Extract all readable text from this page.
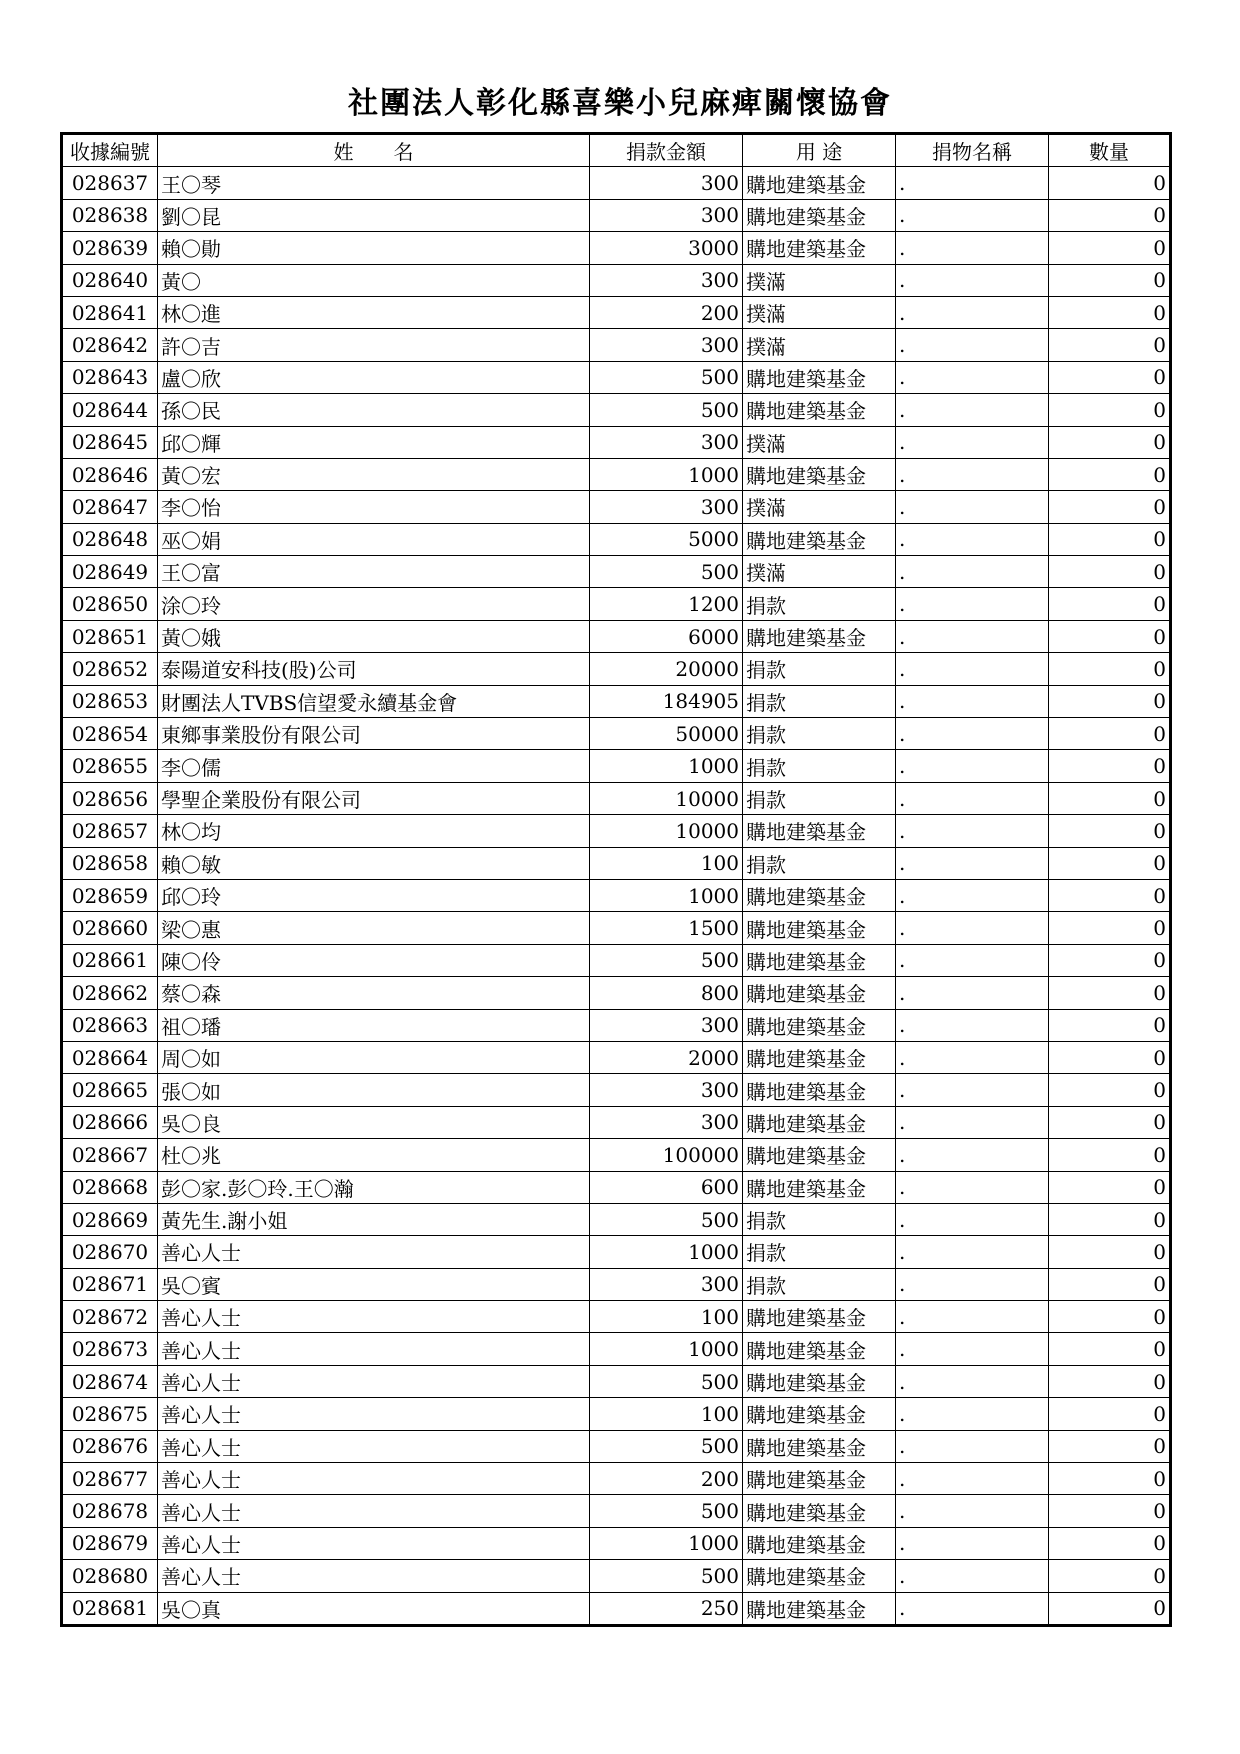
社團法人彰化縣喜樂小兒麻痺關懷協會
收據編號	姓　　名	捐款金額	用 途	捐物名稱	數量
028637	王〇琴	300	購地建築基金	.	0
028638	劉〇昆	300	購地建築基金	.	0
028639	賴〇勛	3000	購地建築基金	.	0
028640	黃〇	300	撲滿	.	0
028641	林〇進	200	撲滿	.	0
028642	許〇吉	300	撲滿	.	0
028643	盧〇欣	500	購地建築基金	.	0
028644	孫〇民	500	購地建築基金	.	0
028645	邱〇輝	300	撲滿	.	0
028646	黃〇宏	1000	購地建築基金	.	0
028647	李〇怡	300	撲滿	.	0
028648	巫〇娟	5000	購地建築基金	.	0
028649	王〇富	500	撲滿	.	0
028650	涂〇玲	1200	捐款	.	0
028651	黃〇娥	6000	購地建築基金	.	0
028652	泰陽道安科技(股)公司	20000	捐款	.	0
028653	財團法人TVBS信望愛永續基金會	184905	捐款	.	0
028654	東鄉事業股份有限公司	50000	捐款	.	0
028655	李〇儒	1000	捐款	.	0
028656	學聖企業股份有限公司	10000	捐款	.	0
028657	林〇均	10000	購地建築基金	.	0
028658	賴〇敏	100	捐款	.	0
028659	邱〇玲	1000	購地建築基金	.	0
028660	梁〇惠	1500	購地建築基金	.	0
028661	陳〇伶	500	購地建築基金	.	0
028662	蔡〇森	800	購地建築基金	.	0
028663	祖〇璠	300	購地建築基金	.	0
028664	周〇如	2000	購地建築基金	.	0
028665	張〇如	300	購地建築基金	.	0
028666	吳〇良	300	購地建築基金	.	0
028667	杜〇兆	100000	購地建築基金	.	0
028668	彭〇家.彭〇玲.王〇瀚	600	購地建築基金	.	0
028669	黃先生.謝小姐	500	捐款	.	0
028670	善心人士	1000	捐款	.	0
028671	吳〇賓	300	捐款	.	0
028672	善心人士	100	購地建築基金	.	0
028673	善心人士	1000	購地建築基金	.	0
028674	善心人士	500	購地建築基金	.	0
028675	善心人士	100	購地建築基金	.	0
028676	善心人士	500	購地建築基金	.	0
028677	善心人士	200	購地建築基金	.	0
028678	善心人士	500	購地建築基金	.	0
028679	善心人士	1000	購地建築基金	.	0
028680	善心人士	500	購地建築基金	.	0
028681	吳〇真	250	購地建築基金	.	0
